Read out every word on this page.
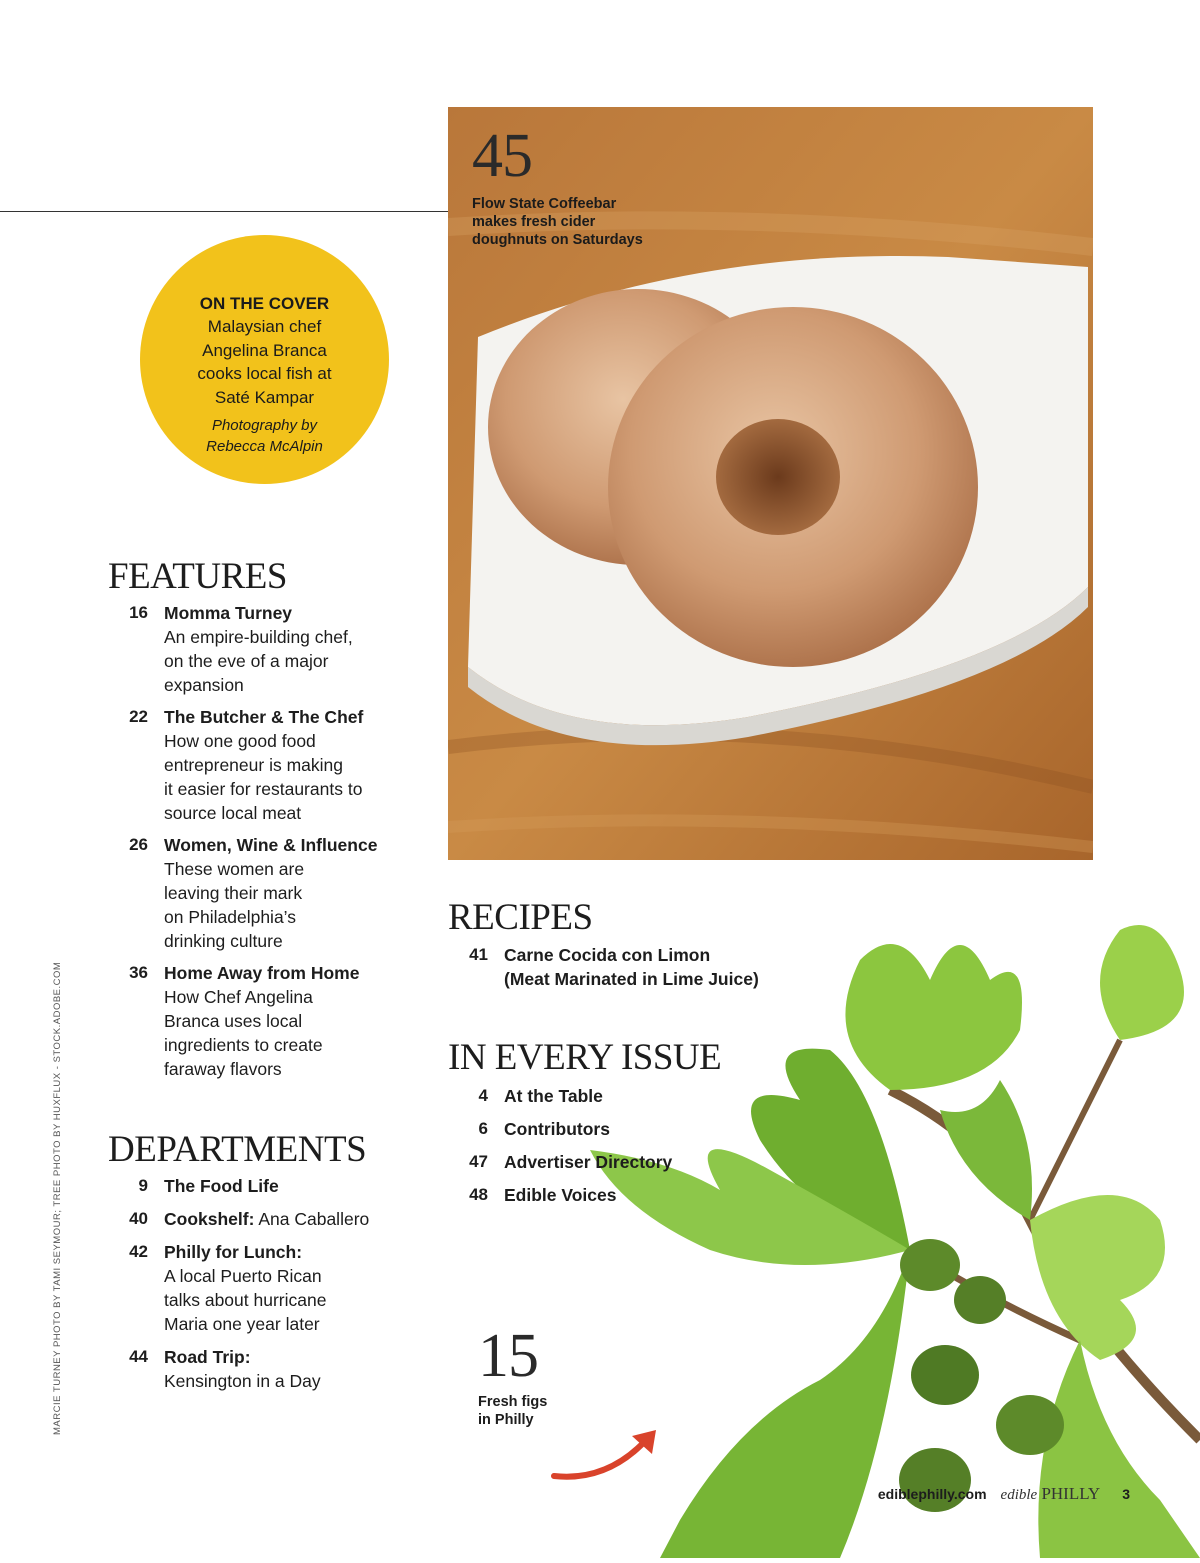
45
Flow State Coffeebar
makes fresh cider
doughnuts on Saturdays
ON THE COVER
Malaysian chef
Angelina Branca
cooks local fish at
Saté Kampar
Photography by
Rebecca McAlpin
FEATURES
16 Momma Turney
An empire-building chef,
on the eve of a major
expansion
22 The Butcher & The Chef
How one good food
entrepreneur is making
it easier for restaurants to
source local meat
26 Women, Wine & Influence
These women are
leaving their mark
on Philadelphia’s
drinking culture
36 Home Away from Home
How Chef Angelina
Branca uses local
ingredients to create
faraway flavors
DEPARTMENTS
9 The Food Life
40 Cookshelf: Ana Caballero
42 Philly for Lunch:
A local Puerto Rican
talks about hurricane
Maria one year later
44 Road Trip:
Kensington in a Day
RECIPES
41 Carne Cocida con Limon
(Meat Marinated in Lime Juice)
IN EVERY ISSUE
4 At the Table
6 Contributors
47 Advertiser Directory
48 Edible Voices
15
Fresh figs
in Philly
MARCIE TURNEY PHOTO BY TAMI SEYMOUR; TREE PHOTO BY HUXFLUX - STOCK.ADOBE.COM
ediblephilly.com edible PHILLY 3
